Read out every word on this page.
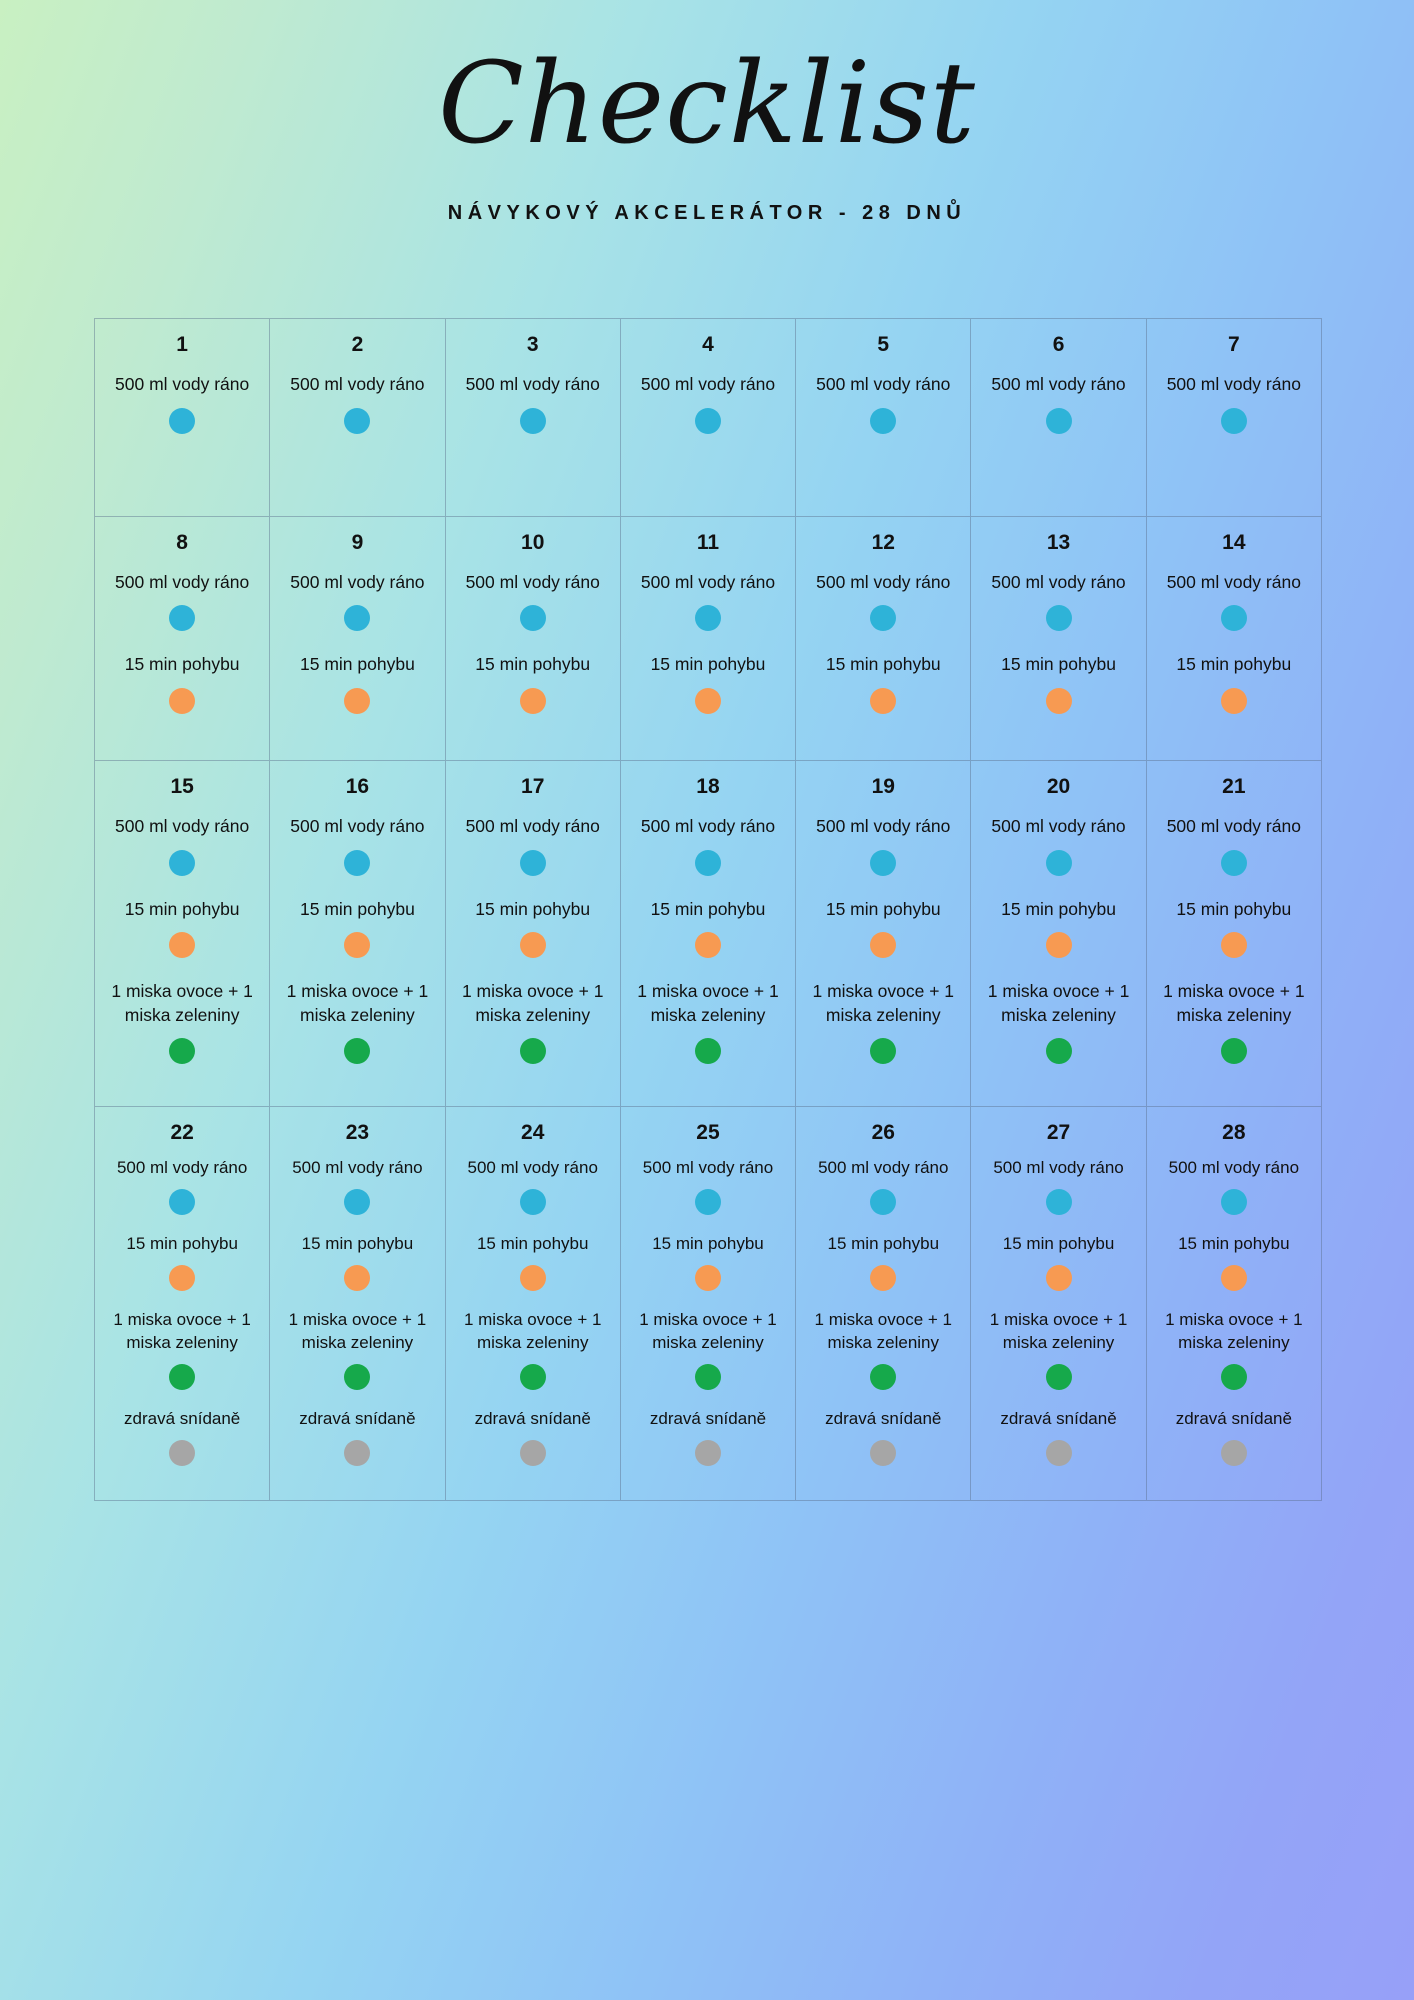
Checklist
NÁVYKOVÝ AKCELERÁTOR - 28 DNŮ
1
500 ml vody ráno
2
500 ml vody ráno
3
500 ml vody ráno
4
500 ml vody ráno
5
500 ml vody ráno
6
500 ml vody ráno
7
500 ml vody ráno
8
500 ml vody ráno
15 min pohybu
9
500 ml vody ráno
15 min pohybu
10
500 ml vody ráno
15 min pohybu
11
500 ml vody ráno
15 min pohybu
12
500 ml vody ráno
15 min pohybu
13
500 ml vody ráno
15 min pohybu
14
500 ml vody ráno
15 min pohybu
15
500 ml vody ráno
15 min pohybu
1 miska ovoce + 1 miska zeleniny
16
500 ml vody ráno
15 min pohybu
1 miska ovoce + 1 miska zeleniny
17
500 ml vody ráno
15 min pohybu
1 miska ovoce + 1 miska zeleniny
18
500 ml vody ráno
15 min pohybu
1 miska ovoce + 1 miska zeleniny
19
500 ml vody ráno
15 min pohybu
1 miska ovoce + 1 miska zeleniny
20
500 ml vody ráno
15 min pohybu
1 miska ovoce + 1 miska zeleniny
21
500 ml vody ráno
15 min pohybu
1 miska ovoce + 1 miska zeleniny
22
500 ml vody ráno
15 min pohybu
1 miska ovoce + 1 miska zeleniny
zdravá snídaně
23
500 ml vody ráno
15 min pohybu
1 miska ovoce + 1 miska zeleniny
zdravá snídaně
24
500 ml vody ráno
15 min pohybu
1 miska ovoce + 1 miska zeleniny
zdravá snídaně
25
500 ml vody ráno
15 min pohybu
1 miska ovoce + 1 miska zeleniny
zdravá snídaně
26
500 ml vody ráno
15 min pohybu
1 miska ovoce + 1 miska zeleniny
zdravá snídaně
27
500 ml vody ráno
15 min pohybu
1 miska ovoce + 1 miska zeleniny
zdravá snídaně
28
500 ml vody ráno
15 min pohybu
1 miska ovoce + 1 miska zeleniny
zdravá snídaně
